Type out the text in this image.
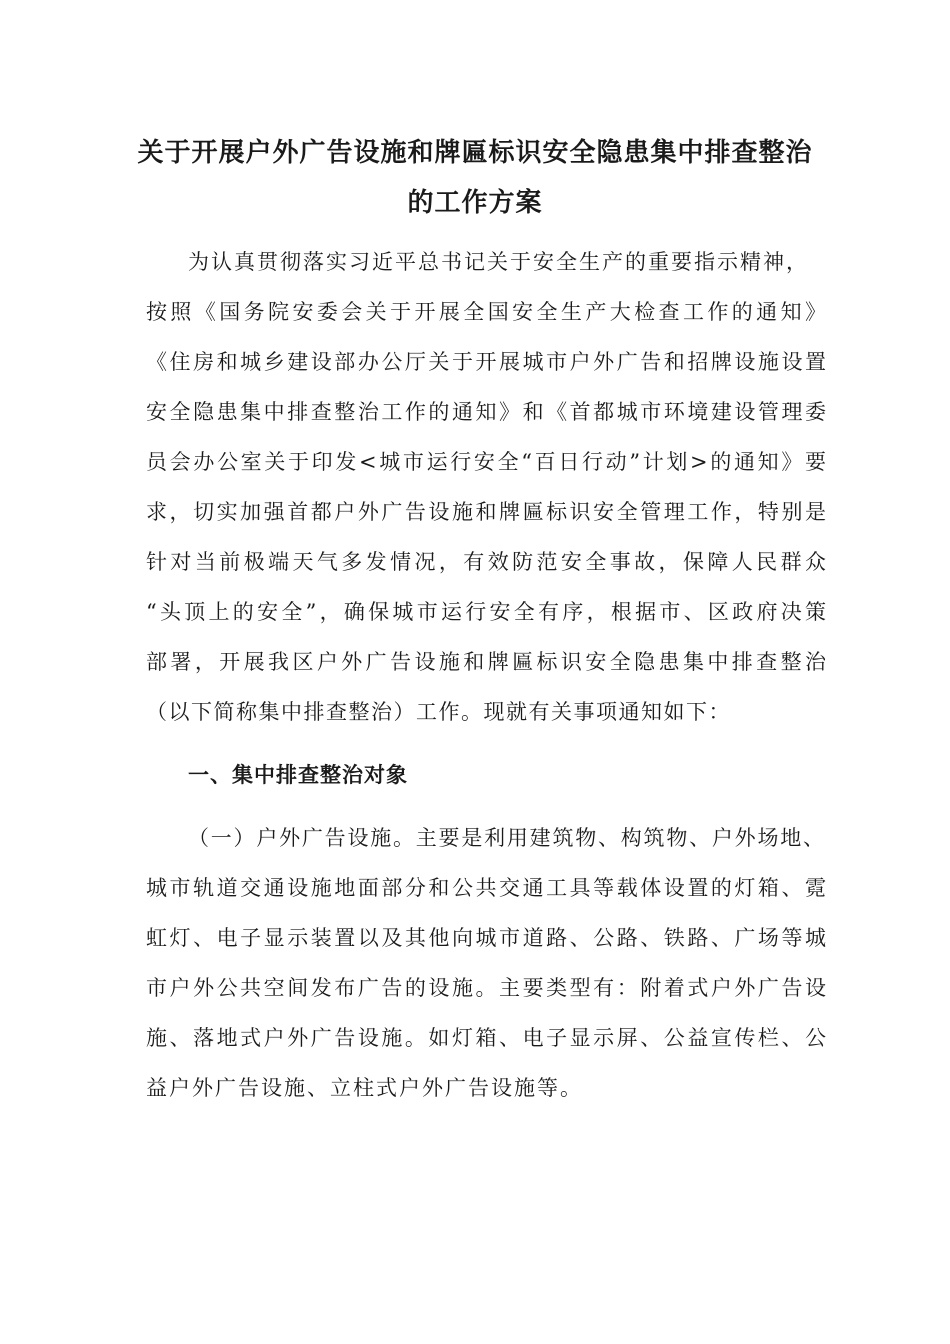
关于开展户外广告设施和牌匾标识安全隐患集中排查整治
的工作方案

为认真贯彻落实习近平总书记关于安全生产的重要指示精神，

按照《国务院安委会关于开展全国安全生产大检查工作的通知》

《住房和城乡建设部办公厅关于开展城市户外广告和招牌设施设置

安全隐患集中排查整治工作的通知》和《首都城市环境建设管理委

员会办公室关于印发<城市运行安全“百日行动”计划>的通知》要

求，切实加强首都户外广告设施和牌匾标识安全管理工作，特别是

针对当前极端天气多发情况，有效防范安全事故，保障人民群众

“头顶上的安全”，确保城市运行安全有序，根据市、区政府决策

部署，开展我区户外广告设施和牌匾标识安全隐患集中排查整治

（以下简称集中排查整治）工作。现就有关事项通知如下：

一、集中排查整治对象

（一）户外广告设施。主要是利用建筑物、构筑物、户外场地、

城市轨道交通设施地面部分和公共交通工具等载体设置的灯箱、霓

虹灯、电子显示装置以及其他向城市道路、公路、铁路、广场等城

市户外公共空间发布广告的设施。主要类型有：附着式户外广告设

施、落地式户外广告设施。如灯箱、电子显示屏、公益宣传栏、公

益户外广告设施、立柱式户外广告设施等。
